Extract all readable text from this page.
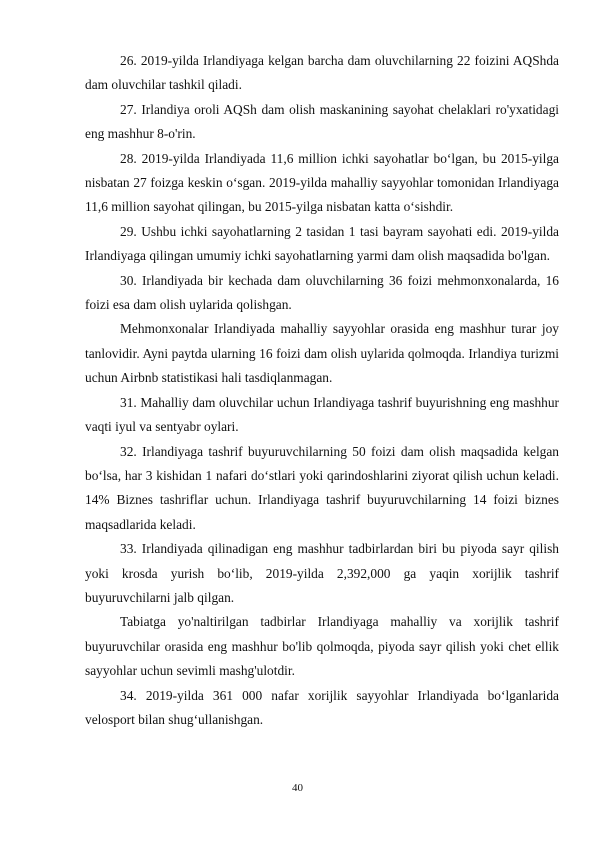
26. 2019-yilda Irlandiyaga kelgan barcha dam oluvchilarning 22 foizini AQShda dam oluvchilar tashkil qiladi.

27. Irlandiya oroli AQSh dam olish maskanining sayohat chelaklari ro'yxatidagi eng mashhur 8-o'rin.

28. 2019-yilda Irlandiyada 11,6 million ichki sayohatlar bo‘lgan, bu 2015-yilga nisbatan 27 foizga keskin o‘sgan. 2019-yilda mahalliy sayyohlar tomonidan Irlandiyaga 11,6 million sayohat qilingan, bu 2015-yilga nisbatan katta o‘sishdir.

29. Ushbu ichki sayohatlarning 2 tasidan 1 tasi bayram sayohati edi. 2019-yilda Irlandiyaga qilingan umumiy ichki sayohatlarning yarmi dam olish maqsadida bo'lgan.

30. Irlandiyada bir kechada dam oluvchilarning 36 foizi mehmonxonalarda, 16 foizi esa dam olish uylarida qolishgan.

Mehmonxonalar Irlandiyada mahalliy sayyohlar orasida eng mashhur turar joy tanlovidir. Ayni paytda ularning 16 foizi dam olish uylarida qolmoqda. Irlandiya turizmi uchun Airbnb statistikasi hali tasdiqlanmagan.

31. Mahalliy dam oluvchilar uchun Irlandiyaga tashrif buyurishning eng mashhur vaqti iyul va sentyabr oylari.

32. Irlandiyaga tashrif buyuruvchilarning 50 foizi dam olish maqsadida kelgan bo‘lsa, har 3 kishidan 1 nafari do‘stlari yoki qarindoshlarini ziyorat qilish uchun keladi. 14% Biznes tashriflar uchun. Irlandiyaga tashrif buyuruvchilarning 14 foizi biznes maqsadlarida keladi.

33. Irlandiyada qilinadigan eng mashhur tadbirlardan biri bu piyoda sayr qilish yoki krosda yurish bo‘lib, 2019-yilda 2,392,000 ga yaqin xorijlik tashrif buyuruvchilarni jalb qilgan.

Tabiatga yo'naltirilgan tadbirlar Irlandiyaga mahalliy va xorijlik tashrif buyuruvchilar orasida eng mashhur bo'lib qolmoqda, piyoda sayr qilish yoki chet ellik sayyohlar uchun sevimli mashg'ulotdir.

34. 2019-yilda 361 000 nafar xorijlik sayyohlar Irlandiyada bo‘lganlarida velosport bilan shug‘ullanishgan.

40
